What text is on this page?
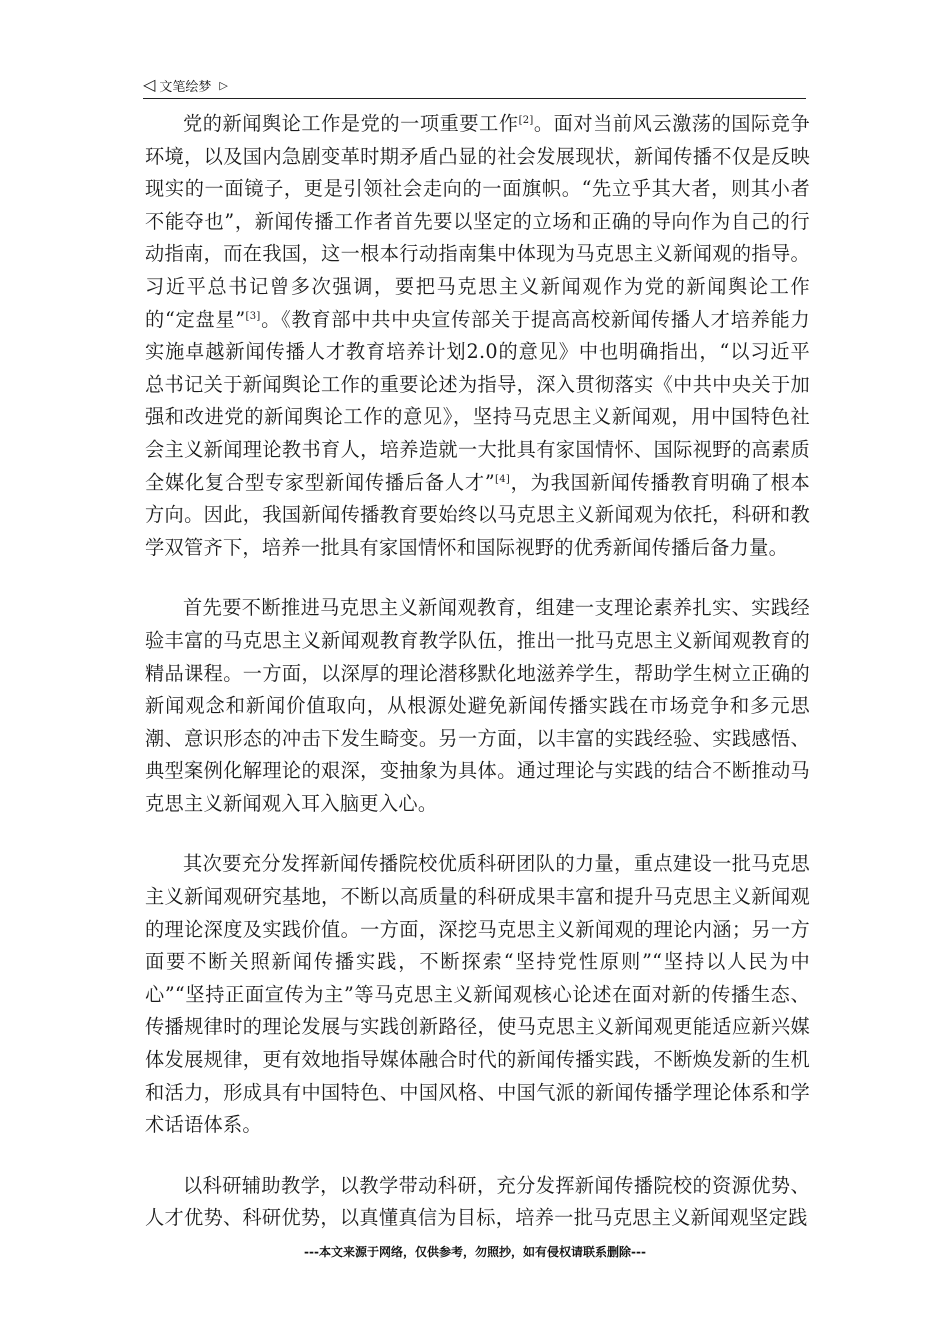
◁ 文笔绘梦 ▷

党的新闻舆论工作是党的一项重要工作[2]。面对当前风云激荡的国际竞争环境，以及国内急剧变革时期矛盾凸显的社会发展现状，新闻传播不仅是反映现实的一面镜子，更是引领社会走向的一面旗帜。“先立乎其大者，则其小者不能夺也”，新闻传播工作者首先要以坚定的立场和正确的导向作为自己的行动指南，而在我国，这一根本行动指南集中体现为马克思主义新闻观的指导。习近平总书记曾多次强调，要把马克思主义新闻观作为党的新闻舆论工作的“定盘星”[3]。《教育部中共中央宣传部关于提高高校新闻传播人才培养能力实施卓越新闻传播人才教育培养计划2.0的意见》中也明确指出，“以习近平总书记关于新闻舆论工作的重要论述为指导，深入贯彻落实《中共中央关于加强和改进党的新闻舆论工作的意见》，坚持马克思主义新闻观，用中国特色社会主义新闻理论教书育人，培养造就一大批具有家国情怀、国际视野的高素质全媒化复合型专家型新闻传播后备人才”[4]，为我国新闻传播教育明确了根本方向。因此，我国新闻传播教育要始终以马克思主义新闻观为依托，科研和教学双管齐下，培养一批具有家国情怀和国际视野的优秀新闻传播后备力量。

首先要不断推进马克思主义新闻观教育，组建一支理论素养扎实、实践经验丰富的马克思主义新闻观教育教学队伍，推出一批马克思主义新闻观教育的精品课程。一方面，以深厚的理论潜移默化地滋养学生，帮助学生树立正确的新闻观念和新闻价值取向，从根源处避免新闻传播实践在市场竞争和多元思潮、意识形态的冲击下发生畸变。另一方面，以丰富的实践经验、实践感悟、典型案例化解理论的艰深，变抽象为具体。通过理论与实践的结合不断推动马克思主义新闻观入耳入脑更入心。

其次要充分发挥新闻传播院校优质科研团队的力量，重点建设一批马克思主义新闻观研究基地，不断以高质量的科研成果丰富和提升马克思主义新闻观的理论深度及实践价值。一方面，深挖马克思主义新闻观的理论内涵；另一方面要不断关照新闻传播实践，不断探索“坚持党性原则”“坚持以人民为中心”“坚持正面宣传为主”等马克思主义新闻观核心论述在面对新的传播生态、传播规律时的理论发展与实践创新路径，使马克思主义新闻观更能适应新兴媒体发展规律，更有效地指导媒体融合时代的新闻传播实践，不断焕发新的生机和活力，形成具有中国特色、中国风格、中国气派的新闻传播学理论体系和学术话语体系。

以科研辅助教学，以教学带动科研，充分发挥新闻传播院校的资源优势、人才优势、科研优势，以真懂真信为目标，培养一批马克思主义新闻观坚定践

---本文来源于网络，仅供参考，勿照抄，如有侵权请联系删除---
